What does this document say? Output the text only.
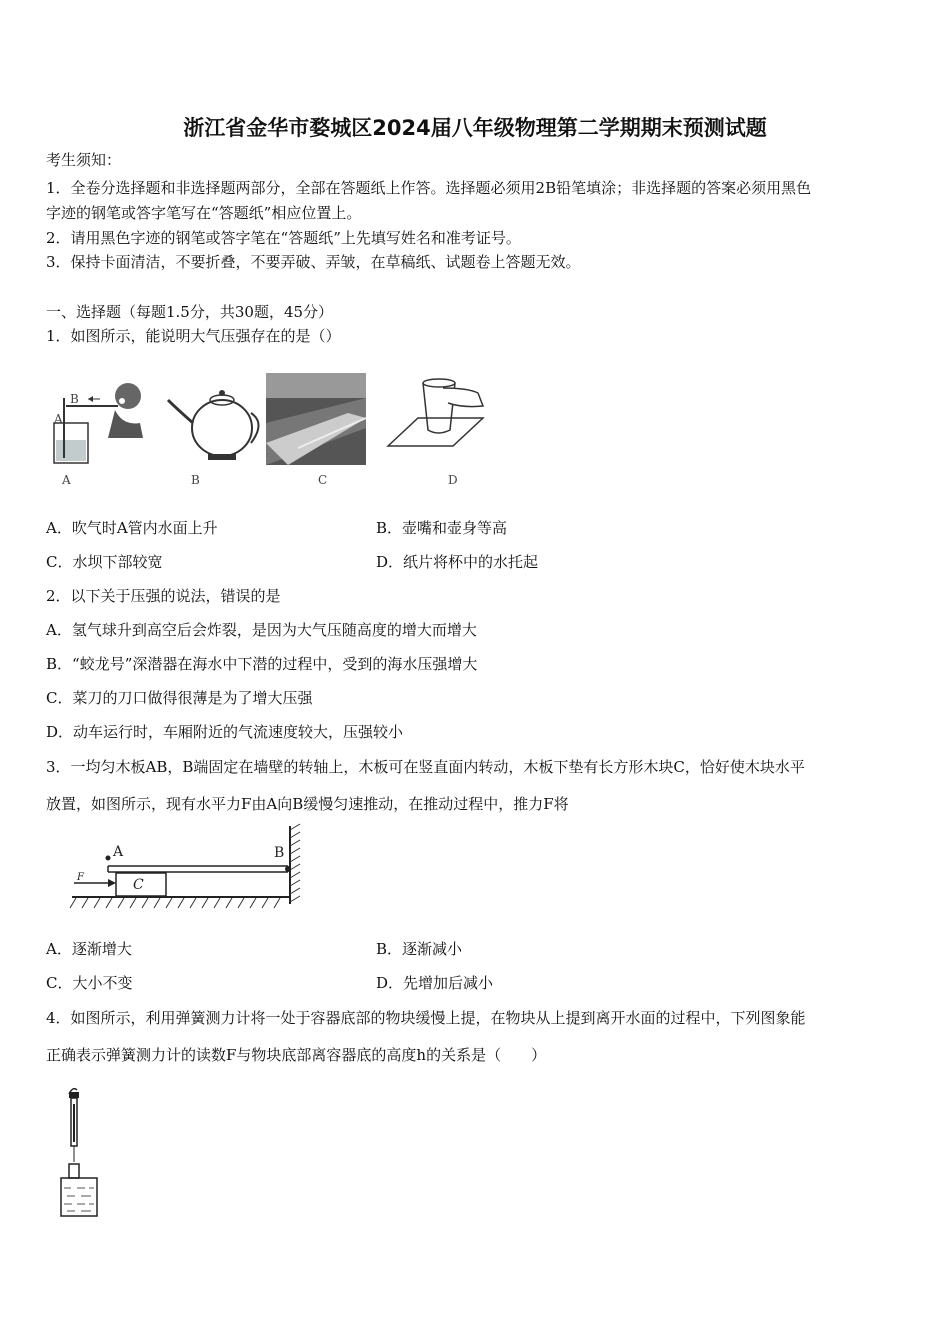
浙江省金华市婺城区2024届八年级物理第二学期期末预测试题
考生须知：
1．全卷分选择题和非选择题两部分，全部在答题纸上作答。选择题必须用2B铅笔填涂；非选择题的答案必须用黑色
字迹的钢笔或答字笔写在“答题纸”相应位置上。
2．请用黑色字迹的钢笔或答字笔在“答题纸”上先填写姓名和准考证号。
3．保持卡面清洁，不要折叠，不要弄破、弄皱，在草稿纸、试题卷上答题无效。
一、选择题（每题1.5分，共30题，45分）
1．如图所示，能说明大气压强存在的是（）
B
A
A	B	C	D
A．吹气时A管内水面上升	B．壶嘴和壶身等高
C．水坝下部较宽	D．纸片将杯中的水托起
2．以下关于压强的说法，错误的是
A．氢气球升到高空后会炸裂，是因为大气压随高度的增大而增大
B．“蛟龙号”深潜器在海水中下潜的过程中，受到的海水压强增大
C．菜刀的刀口做得很薄是为了增大压强
D．动车运行时，车厢附近的气流速度较大，压强较小
3．一均匀木板AB，B端固定在墙壁的转轴上，木板可在竖直面内转动，木板下垫有长方形木块C，恰好使木块水平
放置，如图所示，现有水平力F由A向B缓慢匀速推动，在推动过程中，推力F将
A	B
C
F
A．逐渐增大	B．逐渐减小
C．大小不变	D．先增加后减小
4．如图所示，利用弹簧测力计将一处于容器底部的物块缓慢上提，在物块从上提到离开水面的过程中，下列图象能
正确表示弹簧测力计的读数F与物块底部离容器底的高度h的关系是（　　）
